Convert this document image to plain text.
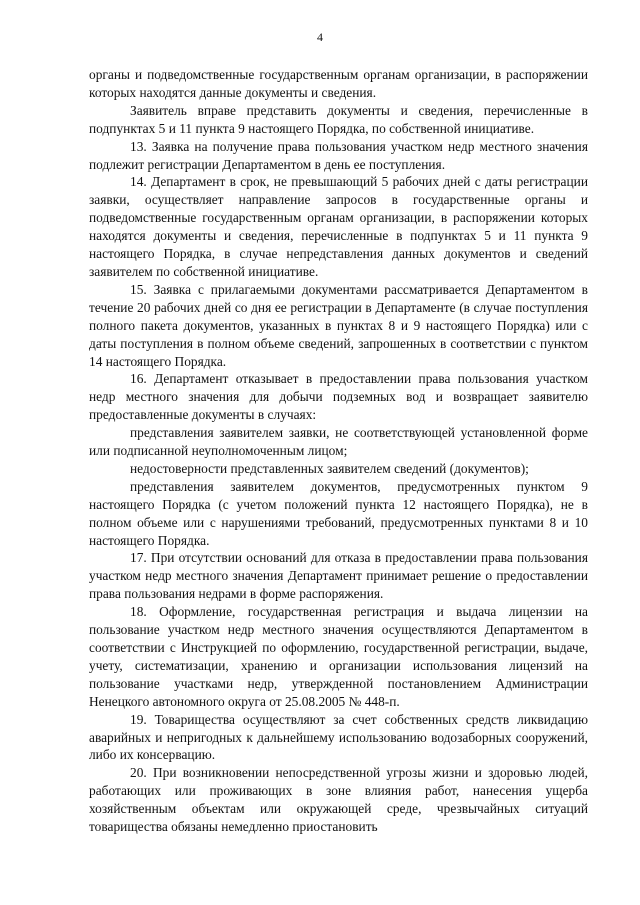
4

органы и подведомственные государственным органам организации, в распоряжении которых находятся данные документы и сведения.

Заявитель вправе представить документы и сведения, перечисленные в подпунктах 5 и 11 пункта 9 настоящего Порядка, по собственной инициативе.

13. Заявка на получение права пользования участком недр местного значения подлежит регистрации Департаментом в день ее поступления.

14. Департамент в срок, не превышающий 5 рабочих дней с даты регистрации заявки, осуществляет направление запросов в государственные органы и подведомственные государственным органам организации, в распоряжении которых находятся документы и сведения, перечисленные в подпунктах 5 и 11 пункта 9 настоящего Порядка, в случае непредставления данных документов и сведений заявителем по собственной инициативе.

15. Заявка с прилагаемыми документами рассматривается Департаментом в течение 20 рабочих дней со дня ее регистрации в Департаменте (в случае поступления полного пакета документов, указанных в пунктах 8 и 9 настоящего Порядка) или с даты поступления в полном объеме сведений, запрошенных в соответствии с пунктом 14 настоящего Порядка.

16. Департамент отказывает в предоставлении права пользования участком недр местного значения для добычи подземных вод и возвращает заявителю предоставленные документы в случаях:

представления заявителем заявки, не соответствующей установленной форме или подписанной неуполномоченным лицом;

недостоверности представленных заявителем сведений (документов);

представления заявителем документов, предусмотренных пунктом 9 настоящего Порядка (с учетом положений пункта 12 настоящего Порядка), не в полном объеме или с нарушениями требований, предусмотренных пунктами 8 и 10 настоящего Порядка.

17. При отсутствии оснований для отказа в предоставлении права пользования участком недр местного значения Департамент принимает решение о предоставлении права пользования недрами в форме распоряжения.

18. Оформление, государственная регистрация и выдача лицензии на пользование участком недр местного значения осуществляются Департаментом в соответствии с Инструкцией по оформлению, государственной регистрации, выдаче, учету, систематизации, хранению и организации использования лицензий на пользование участками недр, утвержденной постановлением Администрации Ненецкого автономного округа от 25.08.2005 № 448-п.

19. Товарищества осуществляют за счет собственных средств ликвидацию аварийных и непригодных к дальнейшему использованию водозаборных сооружений, либо их консервацию.

20. При возникновении непосредственной угрозы жизни и здоровью людей, работающих или проживающих в зоне влияния работ, нанесения ущерба хозяйственным объектам или окружающей среде, чрезвычайных ситуаций товарищества обязаны немедленно приостановить
